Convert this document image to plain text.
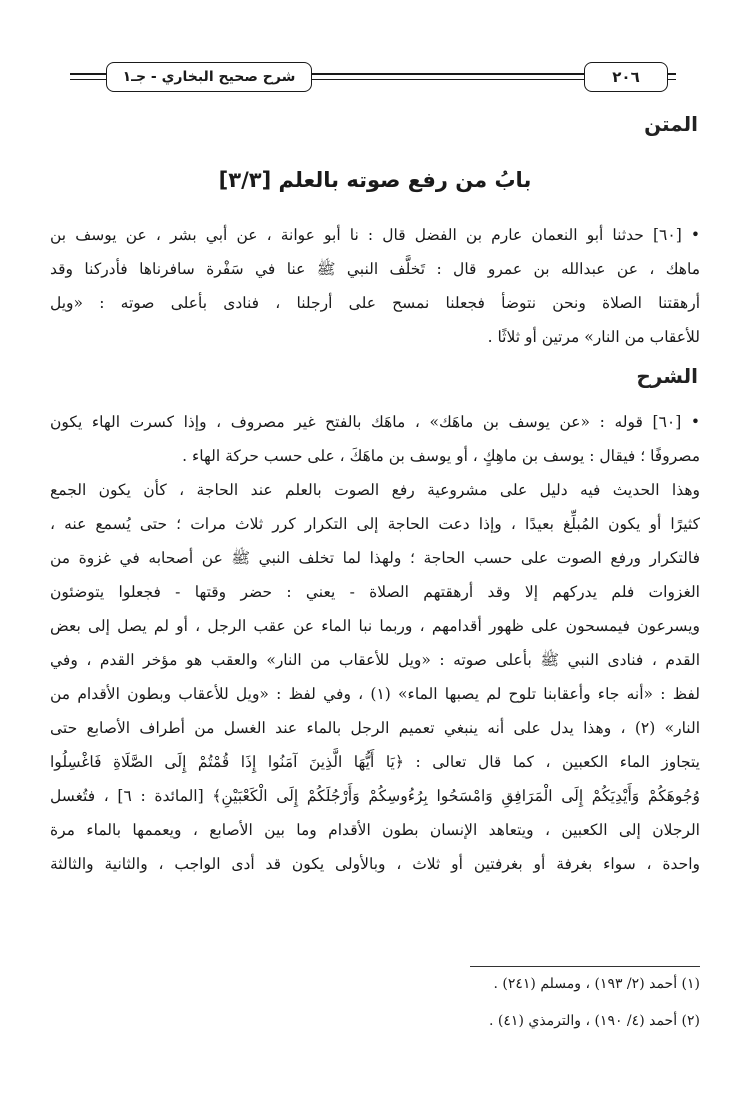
٢٠٦
شرح صحيح البخاري - جـ١
المتن
[٣/٣] بابُ من رفع صوته بالعلم
• [٦٠] حدثنا أبو النعمان عارم بن الفضل قال : نا أبو عوانة ، عن أبي بشر ، عن يوسف بن
ماهك ، عن عبدالله بن عمرو قال : تَخلَّف النبي ﷺ عنا في سَفْرة سافرناها فأدركنا وقد
أرهقتنا الصلاة ونحن نتوضأ فجعلنا نمسح على أرجلنا ، فنادى بأعلى صوته : «ويل
للأعقاب من النار» مرتين أو ثلاثًا .
الشرح
• [٦٠] قوله : «عن يوسف بن ماهَك» ، ماهَك بالفتح غير مصروف ، وإذا كسرت الهاء يكون
مصروفًا ؛ فيقال : يوسف بن ماهِكٍ ، أو يوسف بن ماهَكَ ، على حسب حركة الهاء .
وهذا الحديث فيه دليل على مشروعية رفع الصوت بالعلم عند الحاجة ، كأن يكون الجمع
كثيرًا أو يكون المُبلِّغ بعيدًا ، وإذا دعت الحاجة إلى التكرار كرر ثلاث مرات ؛ حتى يُسمع عنه ،
فالتكرار ورفع الصوت على حسب الحاجة ؛ ولهذا لما تخلف النبي ﷺ عن أصحابه في غزوة من
الغزوات فلم يدركهم إلا وقد أرهقتهم الصلاة - يعني : حضر وقتها - فجعلوا يتوضئون
ويسرعون فيمسحون على ظهور أقدامهم ، وربما نبا الماء عن عقب الرجل ، أو لم يصل إلى بعض
القدم ، فنادى النبي ﷺ بأعلى صوته : «ويل للأعقاب من النار» والعقب هو مؤخر القدم ، وفي
لفظ : «أنه جاء وأعقابنا تلوح لم يصبها الماء» (١) ، وفي لفظ : «ويل للأعقاب وبطون الأقدام من
النار» (٢) ، وهذا يدل على أنه ينبغي تعميم الرجل بالماء عند الغسل من أطراف الأصابع حتى
يتجاوز الماء الكعبين ، كما قال تعالى : ﴿يَا أَيُّهَا الَّذِينَ آمَنُوا إِذَا قُمْتُمْ إِلَى الصَّلَاةِ فَاغْسِلُوا
وُجُوهَكُمْ وَأَيْدِيَكُمْ إِلَى الْمَرَافِقِ وَامْسَحُوا بِرُءُوسِكُمْ وَأَرْجُلَكُمْ إِلَى الْكَعْبَيْنِ﴾ [المائدة : ٦] ، فتُغسل
الرجلان إلى الكعبين ، ويتعاهد الإنسان بطون الأقدام وما بين الأصابع ، ويعممها بالماء مرة
واحدة ، سواء بغرفة أو بغرفتين أو ثلاث ، وبالأولى يكون قد أدى الواجب ، والثانية والثالثة
(١) أحمد (٢/ ١٩٣) ، ومسلم (٢٤١) .
(٢) أحمد (٤/ ١٩٠) ، والترمذي (٤١) .
